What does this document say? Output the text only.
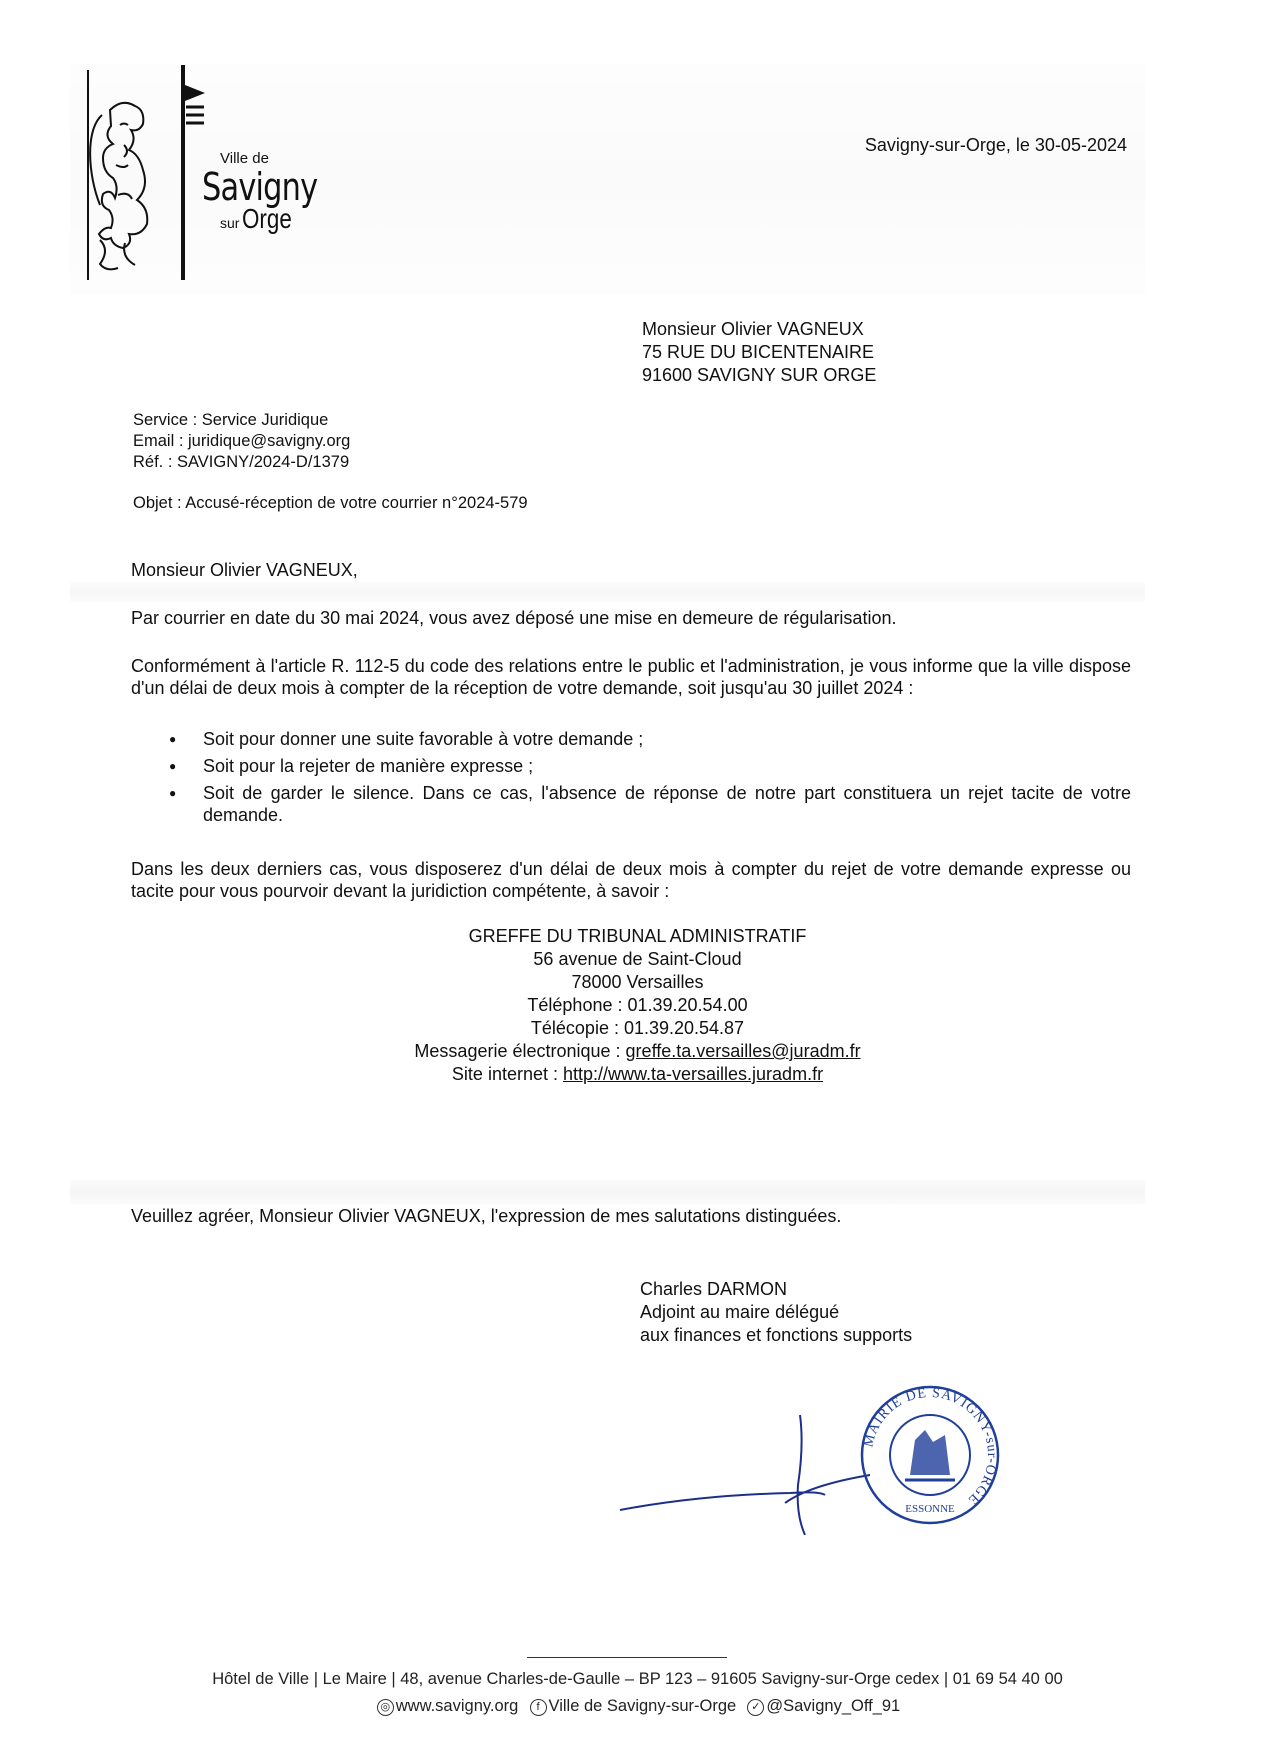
Ville de
Savigny
sur Orge
Savigny-sur-Orge, le 30-05-2024
Monsieur Olivier VAGNEUX
75 RUE DU BICENTENAIRE
91600 SAVIGNY SUR ORGE
Service : Service Juridique
Email : juridique@savigny.org
Réf. : SAVIGNY/2024-D/1379
Objet : Accusé-réception de votre courrier n°2024-579
Monsieur Olivier VAGNEUX,
Par courrier en date du 30 mai 2024, vous avez déposé une mise en demeure de régularisation.
Conformément à l'article R. 112-5 du code des relations entre le public et l'administration, je vous informe que la ville dispose d'un délai de deux mois à compter de la réception de votre demande, soit jusqu'au 30 juillet 2024 :
● Soit pour donner une suite favorable à votre demande ;
● Soit pour la rejeter de manière expresse ;
● Soit de garder le silence. Dans ce cas, l'absence de réponse de notre part constituera un rejet tacite de votre demande.
Dans les deux derniers cas, vous disposerez d'un délai de deux mois à compter du rejet de votre demande expresse ou tacite pour vous pourvoir devant la juridiction compétente, à savoir :
GREFFE DU TRIBUNAL ADMINISTRATIF
56 avenue de Saint-Cloud
78000 Versailles
Téléphone : 01.39.20.54.00
Télécopie : 01.39.20.54.87
Messagerie électronique : greffe.ta.versailles@juradm.fr
Site internet : http://www.ta-versailles.juradm.fr
Veuillez agréer, Monsieur Olivier VAGNEUX, l'expression de mes salutations distinguées.
Charles DARMON
Adjoint au maire délégué
aux finances et fonctions supports
MAIRIE DE SAVIGNY-sur-ORGE
ESSONNE
Hôtel de Ville | Le Maire | 48, avenue Charles-de-Gaulle – BP 123 – 91605 Savigny-sur-Orge cedex | 01 69 54 40 00
◎ www.savigny.org f Ville de Savigny-sur-Orge ✓ @Savigny_Off_91
